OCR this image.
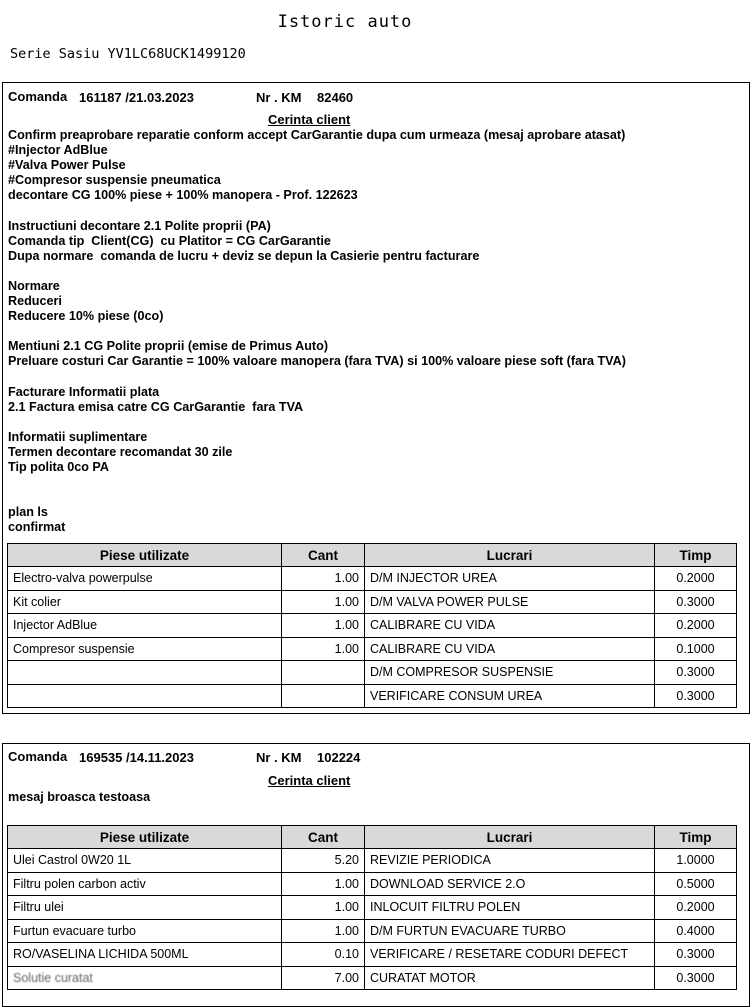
Istoric auto
Serie Sasiu YV1LC68UCK1499120
Comanda 161187 /21.03.2023	Nr . KM 82460
Cerinta client
Confirm preaprobare reparatie conform accept CarGarantie dupa cum urmeaza (mesaj aprobare atasat)
#Injector AdBlue
#Valva Power Pulse
#Compresor suspensie pneumatica
decontare CG 100% piese + 100% manopera - Prof. 122623

Instructiuni decontare 2.1 Polite proprii (PA)
Comanda tip  Client(CG)  cu Platitor = CG CarGarantie
Dupa normare  comanda de lucru + deviz se depun la Casierie pentru facturare

Normare
Reduceri
Reducere 10% piese (0co)

Mentiuni 2.1 CG Polite proprii (emise de Primus Auto)
Preluare costuri Car Garantie = 100% valoare manopera (fara TVA) si 100% valoare piese soft (fara TVA)

Facturare Informatii plata
2.1 Factura emisa catre CG CarGarantie  fara TVA

Informatii suplimentare
Termen decontare recomandat 30 zile
Tip polita 0co PA

plan ls
confirmat
Piese utilizate	Cant	Lucrari	Timp
Electro-valva powerpulse	1.00	D/M INJECTOR UREA	0.2000
Kit colier	1.00	D/M VALVA POWER PULSE	0.3000
Injector AdBlue	1.00	CALIBRARE CU VIDA	0.2000
Compresor suspensie	1.00	CALIBRARE CU VIDA	0.1000
		D/M COMPRESOR SUSPENSIE	0.3000
		VERIFICARE CONSUM UREA	0.3000
Comanda 169535 /14.11.2023	Nr . KM 102224
Cerinta client
mesaj broasca testoasa
Piese utilizate	Cant	Lucrari	Timp
Ulei Castrol 0W20 1L	5.20	REVIZIE PERIODICA	1.0000
Filtru polen carbon activ	1.00	DOWNLOAD SERVICE 2.O	0.5000
Filtru ulei	1.00	INLOCUIT FILTRU POLEN	0.2000
Furtun evacuare turbo	1.00	D/M FURTUN EVACUARE TURBO	0.4000
RO/VASELINA LICHIDA 500ML	0.10	VERIFICARE / RESETARE CODURI DEFECT	0.3000
Solutie curatat	7.00	CURATAT MOTOR	0.3000
